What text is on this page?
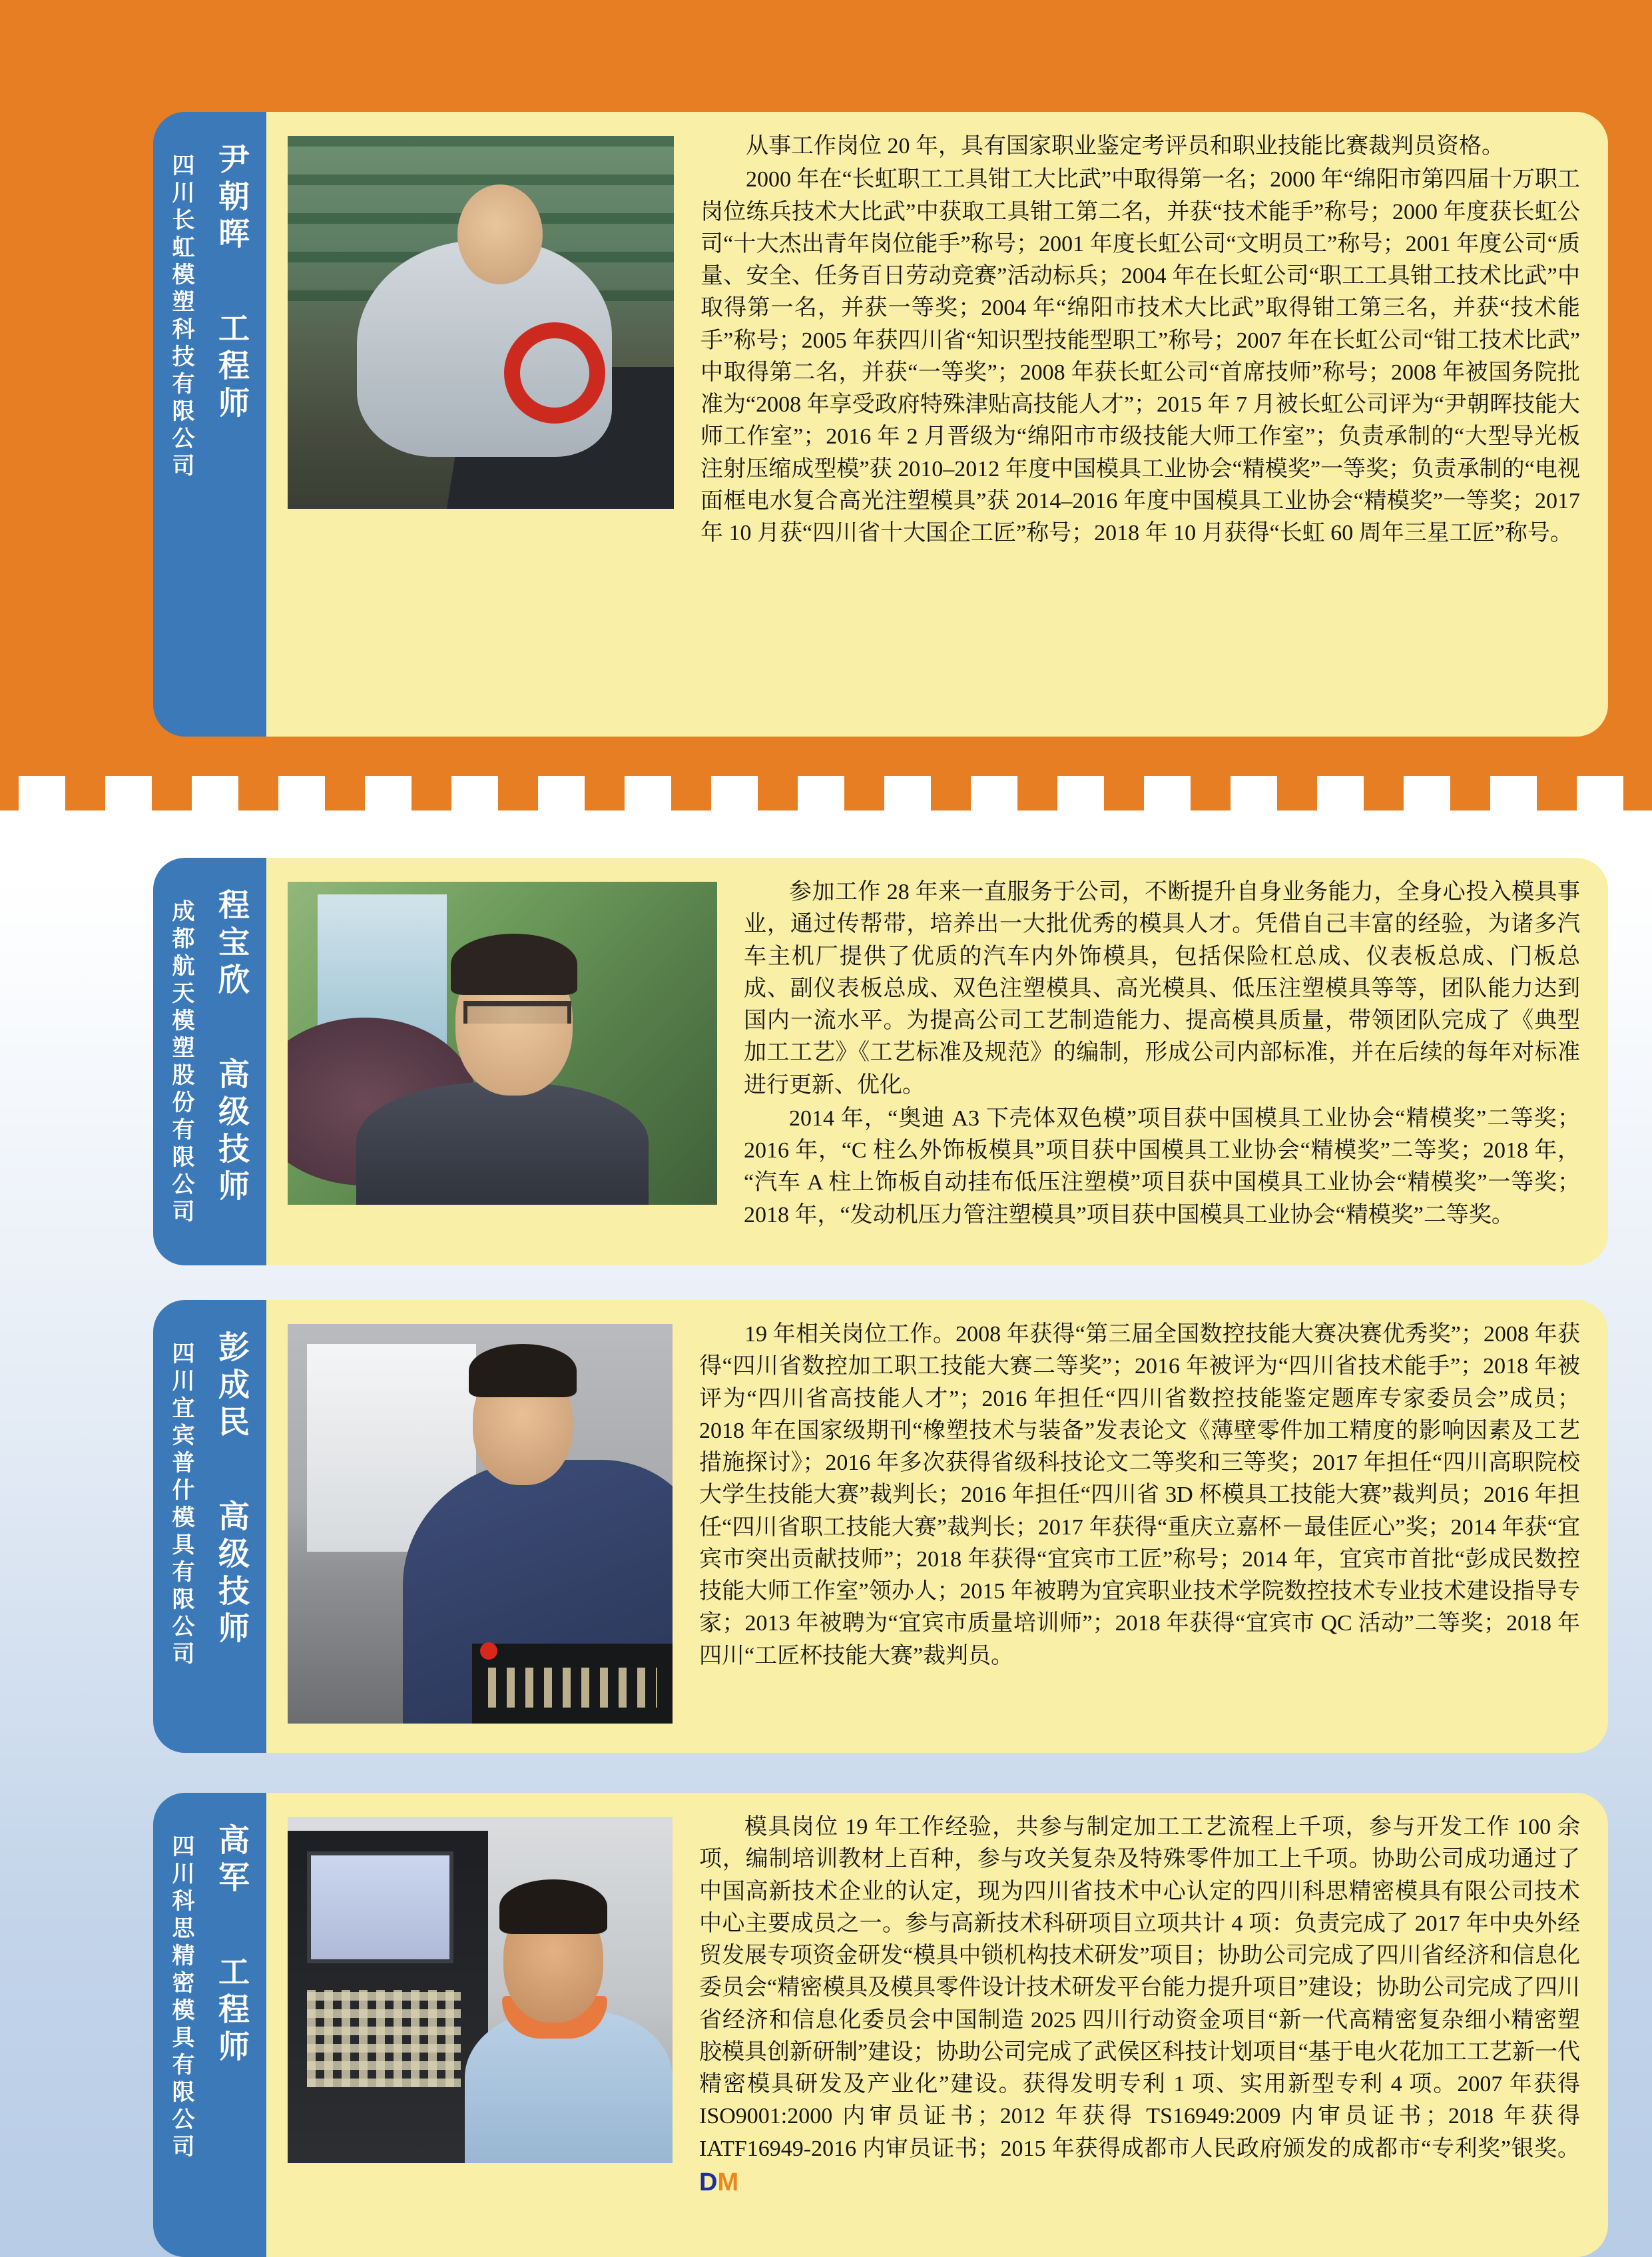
四川长虹模塑科技有限公司 尹朝晖工程师

从事工作岗位 20 年，具有国家职业鉴定考评员和职业技能比赛裁判员资格。

2000 年在“长虹职工工具钳工大比武”中取得第一名；2000 年“绵阳市第四届十万职工岗位练兵技术大比武”中获取工具钳工第二名，并获“技术能手”称号；2000 年度获长虹公司“十大杰出青年岗位能手”称号；2001 年度长虹公司“文明员工”称号；2001 年度公司“质量、安全、任务百日劳动竞赛”活动标兵；2004 年在长虹公司“职工工具钳工技术比武”中取得第一名，并获一等奖；2004 年“绵阳市技术大比武”取得钳工第三名，并获“技术能手”称号；2005 年获四川省“知识型技能型职工”称号；2007 年在长虹公司“钳工技术比武”中取得第二名，并获“一等奖”；2008 年获长虹公司“首席技师”称号；2008 年被国务院批准为“2008 年享受政府特殊津贴高技能人才”；2015 年 7 月被长虹公司评为“尹朝晖技能大师工作室”；2016 年 2 月晋级为“绵阳市市级技能大师工作室”；负责承制的“大型导光板注射压缩成型模”获 2010–2012 年度中国模具工业协会“精模奖”一等奖；负责承制的“电视面框电水复合高光注塑模具”获 2014–2016 年度中国模具工业协会“精模奖”一等奖；2017 年 10 月获“四川省十大国企工匠”称号；2018 年 10 月获得“长虹 60 周年三星工匠”称号。

成都航天模塑股份有限公司 程宝欣高级技师

参加工作 28 年来一直服务于公司，不断提升自身业务能力，全身心投入模具事业，通过传帮带，培养出一大批优秀的模具人才。凭借自己丰富的经验，为诸多汽车主机厂提供了优质的汽车内外饰模具，包括保险杠总成、仪表板总成、门板总成、副仪表板总成、双色注塑模具、高光模具、低压注塑模具等等，团队能力达到国内一流水平。为提高公司工艺制造能力、提高模具质量，带领团队完成了《典型加工工艺》《工艺标准及规范》的编制，形成公司内部标准，并在后续的每年对标准进行更新、优化。

2014 年，“奥迪 A3 下壳体双色模”项目获中国模具工业协会“精模奖”二等奖；2016 年，“C 柱么外饰板模具”项目获中国模具工业协会“精模奖”二等奖；2018 年，“汽车 A 柱上饰板自动挂布低压注塑模”项目获中国模具工业协会“精模奖”一等奖；2018 年，“发动机压力管注塑模具”项目获中国模具工业协会“精模奖”二等奖。

四川宜宾普什模具有限公司 彭成民高级技师

19 年相关岗位工作。2008 年获得“第三届全国数控技能大赛决赛优秀奖”；2008 年获得“四川省数控加工职工技能大赛二等奖”；2016 年被评为“四川省技术能手”；2018 年被评为“四川省高技能人才”；2016 年担任“四川省数控技能鉴定题库专家委员会”成员；2018 年在国家级期刊“橡塑技术与装备”发表论文《薄壁零件加工精度的影响因素及工艺措施探讨》；2016 年多次获得省级科技论文二等奖和三等奖；2017 年担任“四川高职院校大学生技能大赛”裁判长；2016 年担任“四川省 3D 杯模具工技能大赛”裁判员；2016 年担任“四川省职工技能大赛”裁判长；2017 年获得“重庆立嘉杯－最佳匠心”奖；2014 年获“宜宾市突出贡献技师”；2018 年获得“宜宾市工匠”称号；2014 年，宜宾市首批“彭成民数控技能大师工作室”领办人；2015 年被聘为宜宾职业技术学院数控技术专业技术建设指导专家；2013 年被聘为“宜宾市质量培训师”；2018 年获得“宜宾市 QC 活动”二等奖；2018 年四川“工匠杯技能大赛”裁判员。

四川科思精密模具有限公司 高军工程师

模具岗位 19 年工作经验，共参与制定加工工艺流程上千项，参与开发工作 100 余项，编制培训教材上百种，参与攻关复杂及特殊零件加工上千项。协助公司成功通过了中国高新技术企业的认定，现为四川省技术中心认定的四川科思精密模具有限公司技术中心主要成员之一。参与高新技术科研项目立项共计 4 项：负责完成了 2017 年中央外经贸发展专项资金研发“模具中锁机构技术研发”项目；协助公司完成了四川省经济和信息化委员会“精密模具及模具零件设计技术研发平台能力提升项目”建设；协助公司完成了四川省经济和信息化委员会中国制造 2025 四川行动资金项目“新一代高精密复杂细小精密塑胶模具创新研制”建设；协助公司完成了武侯区科技计划项目“基于电火花加工工艺新一代精密模具研发及产业化”建设。获得发明专利 1 项、实用新型专利 4 项。2007 年获得 ISO9001:2000 内审员证书；2012 年获得 TS16949:2009 内审员证书；2018 年获得 IATF16949-2016 内审员证书；2015 年获得成都市人民政府颁发的成都市“专利奖”银奖。DM
